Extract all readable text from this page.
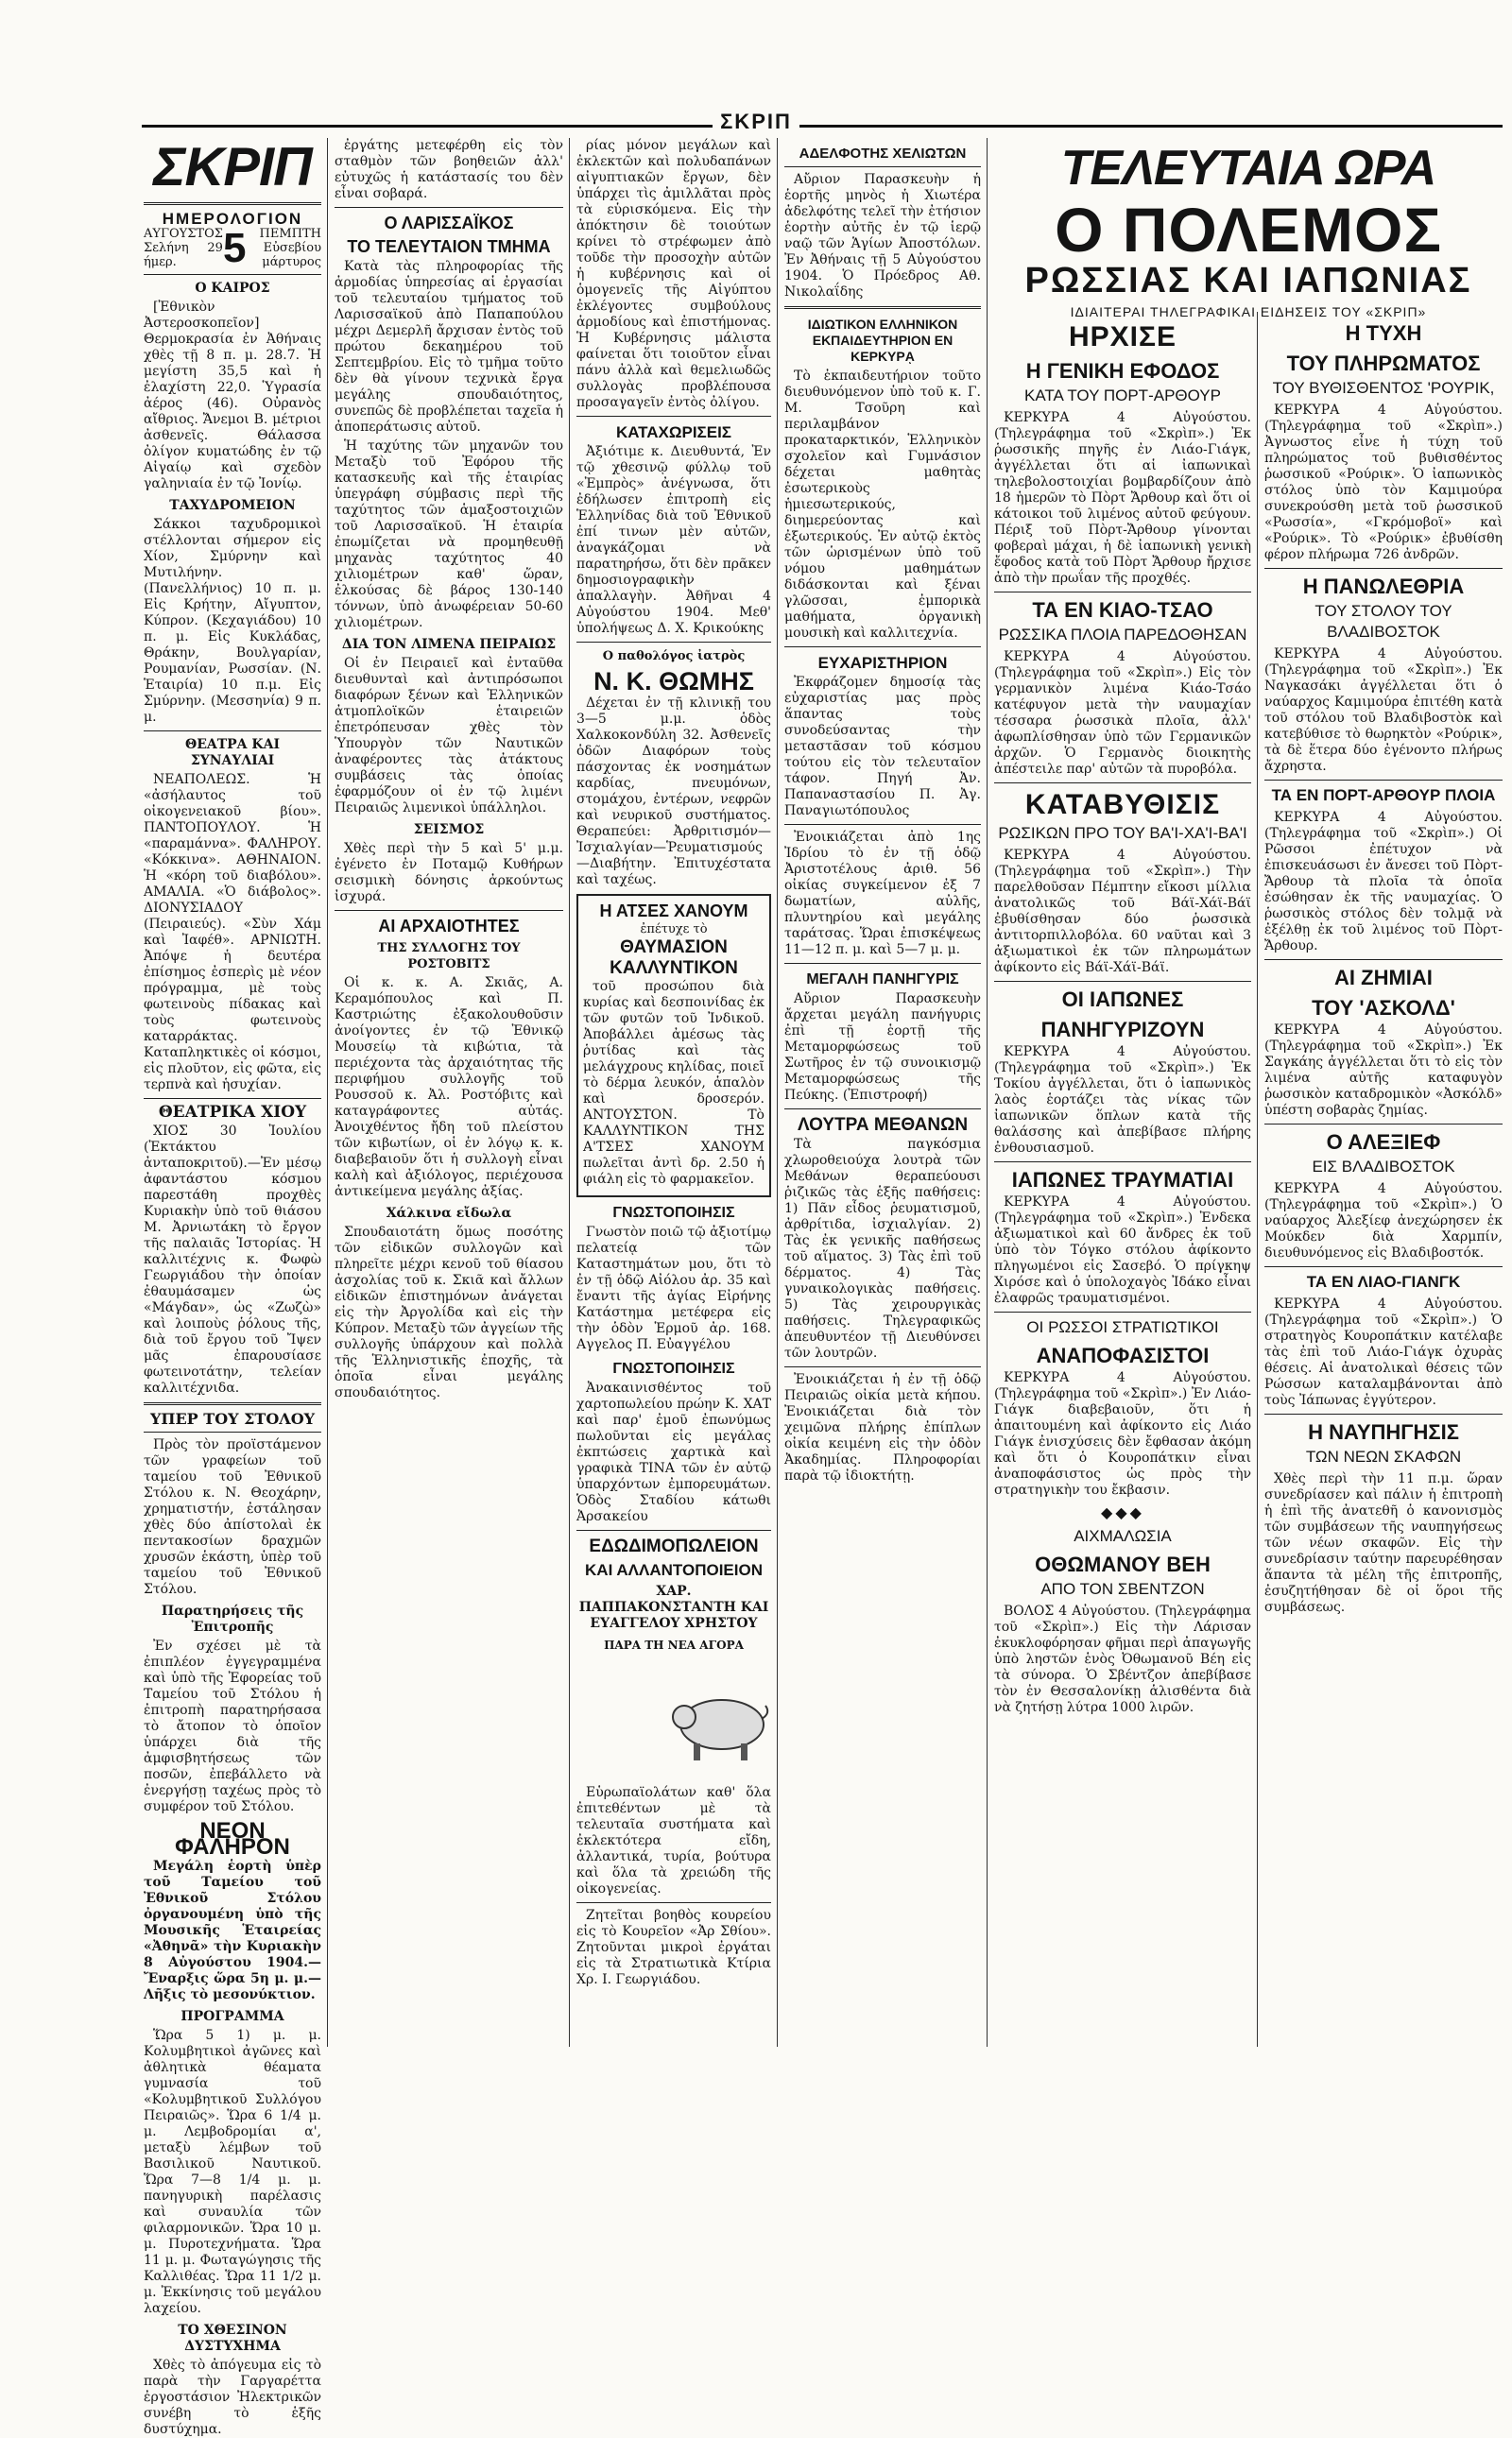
ΣΚΡΙΠ
ΣΚΡΙΠ
ΗΜΕΡΟΛΟΓΙΟΝ
ΑΥΓΟΥΣΤΟΣ
Σελήνη 29 ήμερ.	5	ΠΕΜΠΤΗ
Εὐσεβίου μάρτυρος
Ο ΚΑΙΡΟΣ

[Ἐθνικὸν Ἀστεροσκοπεῖον] Θερμοκρασία ἐν Ἀθήναις χθὲς τῇ 8 π. μ. 28.7. Ἡ μεγίστη 35,5 καὶ ἡ ἐλαχίστη 22,0. Ὑγρασία ἀέρος (46). Οὐρανὸς αἴθριος. Ἄνεμοι Β. μέτριοι ἀσθενεῖς. Θάλασσα ὀλίγον κυματώδης ἐν τῷ Αἰγαίῳ καὶ σχεδὸν γαληνιαία ἐν τῷ Ἰονίῳ.

ΤΑΧΥΔΡΟΜΕΙΟΝ

Σάκκοι ταχυδρομικοὶ στέλλονται σήμερον εἰς Χίον, Σμύρνην καὶ Μυτιλήνην. (Πανελλήνιος) 10 π. μ. Εἰς Κρήτην, Αἴγυπτον, Κύπρον. (Κεχαγιάδου) 10 π. μ. Εἰς Κυκλάδας, Θράκην, Βουλγαρίαν, Ρουμανίαν, Ρωσσίαν. (Ν. Ἑταιρία) 10 π.μ. Εἰς Σμύρνην. (Μεσσηνία) 9 π. μ.

ΘΕΑΤΡΑ ΚΑΙ ΣΥΝΑΥΛΙΑΙ

ΝΕΑΠΟΛΕΩΣ. Ἡ «ἀσήλαυτος τοῦ οἰκογενειακοῦ βίου». ΠΑΝΤΟΠΟΥΛΟΥ. Ἡ «παραμάννα». ΦΑΛΗΡΟΥ. «Κόκκινα». ΑΘΗΝΑΙΟΝ. Ἡ «κόρη τοῦ διαβόλου». ΑΜΑΛΙΑ. «Ὁ διάβολος». ΔΙΟΝΥΣΙΑΔΟΥ (Πειραιεύς). «Σὺν Χάμ καὶ Ἰαφέθ». ΑΡΝΙΩΤΗ. Ἀπόψε ἡ δευτέρα ἐπίσημος ἐσπερὶς μὲ νέον πρόγραμμα, μὲ τοὺς φωτεινοὺς πίδακας καὶ τοὺς φωτεινοὺς καταρράκτας. Καταπληκτικὲς οἱ κόσμοι, εἰς πλοῦτον, εἰς φῶτα, εἰς τερπνὰ καὶ ἡσυχίαν.

ΘΕΑΤΡΙΚΑ ΧΙΟΥ

ΧΙΟΣ 30 Ἰουλίου (Ἐκτάκτου ἀνταποκριτοῦ).—Ἐν μέσῳ ἀφαντάστου κόσμου παρεστάθη προχθὲς Κυριακὴν ὑπὸ τοῦ θιάσου Μ. Ἀρνιωτάκη τὸ ἔργον τῆς παλαιᾶς Ἱστορίας. Ἡ καλλιτέχνις κ. Φωφὼ Γεωργιάδου τὴν ὁποίαν ἐθαυμάσαμεν ὡς «Μάγδαν», ὡς «Ζωζὼ» καὶ λοιποὺς ῥόλους τῆς, διὰ τοῦ ἔργου τοῦ Ἴψεν μᾶς ἐπαρουσίασε φωτεινοτάτην, τελείαν καλλιτέχνιδα.

ΥΠΕΡ ΤΟΥ ΣΤΟΛΟΥ

Πρὸς τὸν προϊστάμενον τῶν γραφείων τοῦ ταμείου τοῦ Ἐθνικοῦ Στόλου κ. Ν. Θεοχάρην, χρηματιστήν, ἐστάλησαν χθὲς δύο ἀπίστολαὶ ἐκ πεντακοσίων δραχμῶν χρυσῶν ἑκάστη, ὑπὲρ τοῦ ταμείου τοῦ Ἐθνικοῦ Στόλου.

Παρατηρήσεις τῆς Ἐπιτροπῆς

Ἐν σχέσει μὲ τὰ ἐπιπλέον ἐγγεγραμμένα καὶ ὑπὸ τῆς Ἐφορείας τοῦ Ταμείου τοῦ Στόλου ἡ ἐπιτροπὴ παρατηρήσασα τὸ ἄτοπον τὸ ὁποῖον ὑπάρχει διὰ τῆς ἀμφισβητήσεως τῶν ποσῶν, ἐπεβάλλετο νὰ ἐνεργήσῃ ταχέως πρὸς τὸ συμφέρον τοῦ Στόλου.

ΝΕΟΝ ΦΑΛΗΡΟΝ

Μεγάλη ἑορτὴ ὑπὲρ τοῦ Ταμείου τοῦ Ἐθνικοῦ Στόλου ὀργανουμένη ὑπὸ τῆς Μουσικῆς Ἑταιρείας «Ἀθηνᾶ» τὴν Κυριακὴν 8 Αὐγούστου 1904.—Ἔναρξις ὥρα 5η μ. μ.—Λῆξις τὸ μεσονύκτιον.

ΠΡΟΓΡΑΜΜΑ

Ὥρα 5 1) μ. μ. Κολυμβητικοὶ ἀγῶνες καὶ ἀθλητικὰ θέαματα γυμνασία τοῦ «Κολυμβητικοῦ Συλλόγου Πειραιῶς». Ὥρα 6 1/4 μ. μ. Λεμβοδρομίαι α', μεταξὺ λέμβων τοῦ Βασιλικοῦ Ναυτικοῦ. Ὥρα 7—8 1/4 μ. μ. πανηγυρικὴ παρέλασις καὶ συναυλία τῶν φιλαρμονικῶν. Ὥρα 10 μ. μ. Πυροτεχνήματα. Ὥρα 11 μ. μ. Φωταγώγησις τῆς Καλλιθέας. Ὥρα 11 1/2 μ. μ. Ἐκκίνησις τοῦ μεγάλου λαχείου.

ΤΟ ΧΘΕΣΙΝΟΝ ΔΥΣΤΥΧΗΜΑ

Χθὲς τὸ ἀπόγευμα εἰς τὸ παρὰ τὴν Γαργαρέττα ἐργοστάσιον Ἠλεκτρικῶν συνέβη τὸ ἑξῆς δυστύχημα.

ἐργάτης μετεφέρθη εἰς τὸν σταθμὸν τῶν βοηθειῶν ἀλλ' εὐτυχῶς ἡ κατάστασίς του δὲν εἶναι σοβαρά.

Ο ΛΑΡΙΣΣΑΪΚΟΣ
ΤΟ ΤΕΛΕΥΤΑΙΟΝ ΤΜΗΜΑ

Κατὰ τὰς πληροφορίας τῆς ἁρμοδίας ὑπηρεσίας αἱ ἐργασίαι τοῦ τελευταίου τμήματος τοῦ Λαρισσαϊκοῦ ἀπὸ Παπαπούλου μέχρι Δεμερλῆ ἄρχισαν ἐντὸς τοῦ πρώτου δεκαημέρου τοῦ Σεπτεμβρίου. Εἰς τὸ τμῆμα τοῦτο δὲν θὰ γίνουν τεχνικὰ ἔργα μεγάλης σπουδαιότητος, συνεπῶς δὲ προβλέπεται ταχεῖα ἡ ἀποπεράτωσις αὐτοῦ.

Ἡ ταχύτης τῶν μηχανῶν του Μεταξὺ τοῦ Ἐφόρου τῆς κατασκευῆς καὶ τῆς ἑταιρίας ὑπεγράφη σύμβασις περὶ τῆς ταχύτητος τῶν ἁμαξοστοιχιῶν τοῦ Λαρισσαϊκοῦ. Ἡ ἑταιρία ἐπωμίζεται νὰ προμηθευθῇ μηχανὰς ταχύτητος 40 χιλιομέτρων καθ' ὥραν, ἐλκούσας δὲ βάρος 130-140 τόννων, ὑπὸ ἀνωφέρειαν 50-60 χιλιομέτρων.

ΔΙΑ ΤΟΝ ΛΙΜΕΝΑ ΠΕΙΡΑΙΩΣ

Οἱ ἐν Πειραιεῖ καὶ ἐνταῦθα διευθυνταὶ καὶ ἀντιπρόσωποι διαφόρων ξένων καὶ Ἑλληνικῶν ἀτμοπλοϊκῶν ἑταιρειῶν ἐπετρόπευσαν χθὲς τὸν Ὑπουργὸν τῶν Ναυτικῶν ἀναφέροντες τὰς ἀτάκτους συμβάσεις τὰς ὁποίας ἐφαρμόζουν οἱ ἐν τῷ λιμένι Πειραιῶς λιμενικοὶ ὑπάλληλοι.

ΣΕΙΣΜΟΣ

Χθὲς περὶ τὴν 5 καὶ 5' μ.μ. ἐγένετο ἐν Ποταμῷ Κυθήρων σεισμικὴ δόνησις ἀρκούντως ἰσχυρά.

ΑΙ ΑΡΧΑΙΟΤΗΤΕΣ
ΤΗΣ ΣΥΛΛΟΓΗΣ ΤΟΥ ΡΟΣΤΟΒΙΤΣ

Οἱ κ. κ. Α. Σκιᾶς, Α. Κεραμόπουλος καὶ Π. Καστριώτης ἐξακολουθοῦσιν ἀνοίγοντες ἐν τῷ Ἐθνικῷ Μουσείῳ τὰ κιβώτια, τὰ περιέχοντα τὰς ἀρχαιότητας τῆς περιφήμου συλλογῆς τοῦ Ρουσσοῦ κ. Ἀλ. Ροστόβιτς καὶ καταγράφοντες αὐτάς. Ἀνοιχθέντος ἤδη τοῦ πλείστου τῶν κιβωτίων, οἱ ἐν λόγῳ κ. κ. διαβεβαιοῦν ὅτι ἡ συλλογὴ εἶναι καλὴ καὶ ἀξιόλογος, περιέχουσα ἀντικείμενα μεγάλης ἀξίας.

Χάλκινα εἴδωλα

Σπουδαιοτάτη ὅμως ποσότης τῶν εἰδικῶν συλλογῶν καὶ πληρεῖτε μέχρι κενοῦ τοῦ θίασου ἀσχολίας τοῦ κ. Σκιᾶ καὶ ἄλλων εἰδικῶν ἐπιστημόνων ἀνάγεται εἰς τὴν Ἀργολίδα καὶ εἰς τὴν Κύπρον. Μεταξὺ τῶν ἀγγείων τῆς συλλογῆς ὑπάρχουν καὶ πολλὰ τῆς Ἑλληνιστικῆς ἐποχῆς, τὰ ὁποῖα εἶναι μεγάλης σπουδαιότητος.

ρίας μόνον μεγάλων καὶ ἐκλεκτῶν καὶ πολυδαπάνων αἰγυπτιακῶν ἔργων, δὲν ὑπάρχει τὶς ἀμιλλᾶται πρὸς τὰ εὑρισκόμενα. Εἰς τὴν ἀπόκτησιν δὲ τοιούτων κρίνει τὸ στρέφωμεν ἀπὸ τοῦδε τὴν προσοχὴν αὐτῶν ἡ κυβέρνησις καὶ οἱ ὁμογενεῖς τῆς Αἰγύπτου ἐκλέγοντες συμβούλους ἁρμοδίους καὶ ἐπιστήμονας. Ἡ Κυβέρνησις μάλιστα φαίνεται ὅτι τοιοῦτον εἶναι πάνυ ἀλλὰ καὶ θεμελιωδῶς συλλογὰς προβλέπουσα προσαγαγεῖν ἐντὸς ὀλίγου.

ΚΑΤΑΧΩΡΙΣΕΙΣ

Ἀξιότιμε κ. Διευθυντά, Ἐν τῷ χθεσινῷ φύλλῳ τοῦ «Ἐμπρὸς» ἀνέγνωσα, ὅτι ἐδήλωσεν ἐπιτροπὴ εἰς Ἑλληνίδας διὰ τοῦ Ἐθνικοῦ ἐπί τινων μὲν αὐτῶν, ἀναγκάζομαι νὰ παρατηρήσω, ὅτι δὲν πρᾶκεν δημοσιογραφικὴν ἀπαλλαγὴν. Ἀθῆναι 4 Αὐγούστου 1904. Μεθ' ὑπολήψεως Δ. Χ. Κρικούκης

Ο παθολόγος ἰατρὸς
Ν. Κ. ΘΩΜΗΣ

Δέχεται ἐν τῇ κλινικῇ του 3—5 μ.μ. ὁδὸς Χαλκοκονδύλη 32. Ἀσθενεῖς ὁδῶν Διαφόρων τοὺς πάσχοντας ἐκ νοσημάτων καρδίας, πνευμόνων, στομάχου, ἐντέρων, νεφρῶν καὶ νευρικοῦ συστήματος. Θεραπεύει: Ἀρθριτισμόν—Ἰσχιαλγίαν—Ῥευματισμούς—Διαβήτην. Ἐπιτυχέστατα καὶ ταχέως.

Η ΑΤΣΕΣ ΧΑΝΟΥΜ
ἐπέτυχε τὸ
ΘΑΥΜΑΣΙΟΝ ΚΑΛΛΥΝΤΙΚΟΝ

τοῦ προσώπου διὰ κυρίας καὶ δεσποινίδας ἐκ τῶν φυτῶν τοῦ Ἰνδικοῦ. Ἀποβάλλει ἀμέσως τὰς ῥυτίδας καὶ τὰς μελάγχρους κηλίδας, ποιεῖ τὸ δέρμα λευκόν, ἁπαλὸν καὶ δροσερόν. ΑΝΤΟΥΣΤΟΝ. Τὸ ΚΑΛΛΥΝΤΙΚΟΝ ΤΗΣ Α'ΤΣΕΣ ΧΑΝΟΥΜ πωλεῖται ἀντὶ δρ. 2.50 ἡ φιάλη εἰς τὸ φαρμακεῖον.

ΓΝΩΣΤΟΠΟΙΗΣΙΣ

Γνωστὸν ποιῶ τῷ ἀξιοτίμῳ πελατείᾳ τῶν Καταστημάτων μου, ὅτι τὸ ἐν τῇ ὁδῷ Αἰόλου ἀρ. 35 καὶ ἔναντι τῆς ἁγίας Εἰρήνης Κατάστημα μετέφερα εἰς τὴν ὁδὸν Ἑρμοῦ ἀρ. 168. Αγγελος Π. Εὐαγγέλου

ΓΝΩΣΤΟΠΟΙΗΣΙΣ

Ἀνακαινισθέντος τοῦ χαρτοπωλείου πρώην Κ. ΧΑΤ καὶ παρ' ἐμοῦ ἐπωνύμως πωλοῦνται εἰς μεγάλας ἐκπτώσεις χαρτικὰ καὶ γραφικὰ ΤΙΝΑ τῶν ἐν αὐτῷ ὑπαρχόντων ἐμπορευμάτων. Ὁδὸς Σταδίου κάτωθι Ἀρσακείου

ΕΔΩΔΙΜΟΠΩΛΕΙΟΝ
ΚΑΙ ΑΛΛΑΝΤΟΠΟΙΕΙΟΝ
ΧΑΡ. ΠΑΠΠΑΚΟΝΣΤΑΝΤΗ ΚΑΙ ΕΥΑΓΓΕΛΟΥ ΧΡΗΣΤΟΥ
ΠΑΡΑ ΤΗ ΝΕΑ ΑΓΟΡΑ

Εὑρωπαϊολάτων καθ' ὅλα ἐπιτεθέντων μὲ τὰ τελευταῖα συστήματα καὶ ἐκλεκτότερα εἴδη, ἀλλαντικά, τυρία, βούτυρα καὶ ὅλα τὰ χρειώδη τῆς οἰκογενείας.

Ζητεῖται βοηθὸς κουρείου εἰς τὸ Κουρεῖον «Ἀρ Σθίου». Ζητοῦνται μικροὶ ἐργάται εἰς τὰ Στρατιωτικὰ Κτίρια Χρ. Ι. Γεωργιάδου.

ΑΔΕΛΦΟΤΗΣ ΧΕΛΙΩΤΩΝ

Αὔριον Παρασκευὴν ἡ ἑορτῆς μηνὸς ἡ Χιωτέρα ἀδελφότης τελεῖ τὴν ἐτήσιον ἑορτὴν αὐτῆς ἐν τῷ ἱερῷ ναῷ τῶν Ἁγίων Ἀποστόλων. Ἐν Ἀθήναις τῇ 5 Αὐγούστου 1904. Ὁ Πρόεδρος Αθ. Νικολαΐδης

ΙΔΙΩΤΙΚΟΝ ΕΛΛΗΝΙΚΟΝ ΕΚΠΑΙΔΕΥΤΗΡΙΟΝ ΕΝ ΚΕΡΚΥΡᾼ

Τὸ ἐκπαιδευτήριον τοῦτο διευθυνόμενον ὑπὸ τοῦ κ. Γ. Μ. Τσοῦρη καὶ περιλαμβάνον προκαταρκτικόν, Ἑλληνικὸν σχολεῖον καὶ Γυμνάσιον δέχεται μαθητὰς ἐσωτερικοὺς ἡμιεσωτερικούς, διημερεύοντας καὶ ἐξωτερικούς. Ἐν αὐτῷ ἐκτὸς τῶν ὡρισμένων ὑπὸ τοῦ νόμου μαθημάτων διδάσκονται καὶ ξέναι γλῶσσαι, ἐμπορικὰ μαθήματα, ὀργανικὴ μουσικὴ καὶ καλλιτεχνία.

ΕΥΧΑΡΙΣΤΗΡΙΟΝ

Ἐκφράζομεν δημοσίᾳ τὰς εὐχαριστίας μας πρὸς ἅπαντας τοὺς συνοδεύσαντας τὴν μεταστᾶσαν τοῦ κόσμου τούτου εἰς τὸν τελευταῖον τάφον. Πηγή Ἀν. Παπαναστασίου Π. Ἀγ. Παναγιωτόπουλος

Ἐνοικιάζεται ἀπὸ 1ης Ἰδρίου τὸ ἐν τῇ ὁδῷ Ἀριστοτέλους ἀριθ. 56 οἰκίας συγκείμενον ἐξ 7 δωματίων, αὐλῆς, πλυντηρίου καὶ μεγάλης ταράτσας. Ὥραι ἐπισκέψεως 11—12 π. μ. καὶ 5—7 μ. μ.

ΜΕΓΑΛΗ ΠΑΝΗΓΥΡΙΣ

Αὔριον Παρασκευὴν ἄρχεται μεγάλη πανήγυρις ἐπὶ τῇ ἑορτῇ τῆς Μεταμορφώσεως τοῦ Σωτῆρος ἐν τῷ συνοικισμῷ Μεταμορφώσεως τῆς Πεύκης. (Ἐπιστροφή)

ΛΟΥΤΡΑ ΜΕΘΑΝΩΝ

Τὰ παγκόσμια χλωροθειούχα λουτρὰ τῶν Μεθάνων θεραπεύουσι ῥιζικῶς τὰς ἑξῆς παθήσεις: 1) Πᾶν εἶδος ῥευματισμοῦ, ἀρθρίτιδα, ἰσχιαλγίαν. 2) Τὰς ἐκ γενικῆς παθήσεως τοῦ αἵματος. 3) Τὰς ἐπὶ τοῦ δέρματος. 4) Τὰς γυναικολογικὰς παθήσεις. 5) Τὰς χειρουργικὰς παθήσεις. Τηλεγραφικῶς ἀπευθυντέον τῇ Διευθύνσει τῶν λουτρῶν.

Ἐνοικιάζεται ἡ ἐν τῇ ὁδῷ Πειραιῶς οἰκία μετὰ κήπου. Ἐνοικιάζεται διὰ τὸν χειμῶνα πλήρης ἐπίπλων οἰκία κειμένη εἰς τὴν ὁδὸν Ἀκαδημίας. Πληροφορίαι παρὰ τῷ ἰδιοκτήτῃ.

ΤΕΛΕΥΤΑΙΑ ΩΡΑ
Ο ΠΟΛΕΜΟΣ
ΡΩΣΣΙΑΣ ΚΑΙ ΙΑΠΩΝΙΑΣ
ΙΔΙΑΙΤΕΡΑΙ ΤΗΛΕΓΡΑΦΙΚΑΙ ΕΙΔΗΣΕΙΣ ΤΟΥ «ΣΚΡΙΠ»
ΗΡΧΙΣΕ
Η ΓΕΝΙΚΗ ΕΦΟΔΟΣ
ΚΑΤΑ ΤΟΥ ΠΟΡΤ-ΑΡΘΟΥΡ

ΚΕΡΚΥΡΑ 4 Αὐγούστου. (Τηλεγράφημα τοῦ «Σκρὶπ».) Ἐκ ῥωσσικῆς πηγῆς ἐν Λιάο-Γιάγκ, ἀγγέλλεται ὅτι αἱ ἰαπωνικαὶ τηλεβολοστοιχίαι βομβαρδίζουν ἀπὸ 18 ἡμερῶν τὸ Πὸρτ Ἄρθουρ καὶ ὅτι οἱ κάτοικοι τοῦ λιμένος αὐτοῦ φεύγουν. Πέριξ τοῦ Πὸρτ-Ἄρθουρ γίνονται φοβεραὶ μάχαι, ἡ δὲ ἰαπωνικὴ γενικὴ ἔφοδος κατὰ τοῦ Πὸρτ Ἄρθουρ ἤρχισε ἀπὸ τὴν πρωΐαν τῆς προχθές.

ΤΑ ΕΝ ΚΙΑΟ-ΤΣΑΟ
ΡΩΣΣΙΚΑ ΠΛΟΙΑ ΠΑΡΕΔΟΘΗΣΑΝ

ΚΕΡΚΥΡΑ 4 Αὐγούστου. (Τηλεγράφημα τοῦ «Σκρὶπ».) Εἰς τὸν γερμανικὸν λιμένα Κιάο-Τσάο κατέφυγον μετὰ τὴν ναυμαχίαν τέσσαρα ῥωσσικὰ πλοῖα, ἀλλ' ἀφωπλίσθησαν ὑπὸ τῶν Γερμανικῶν ἀρχῶν. Ὁ Γερμανὸς διοικητὴς ἀπέστειλε παρ' αὐτῶν τὰ πυροβόλα.

ΚΑΤΑΒΥΘΙΣΙΣ
ΡΩΣΙΚΩΝ ΠΡΟ ΤΟΥ ΒΑ'Ι-ΧΑ'Ι-ΒΑ'Ι

ΚΕΡΚΥΡΑ 4 Αὐγούστου. (Τηλεγράφημα τοῦ «Σκρὶπ».) Τὴν παρελθοῦσαν Πέμπτην εἴκοσι μίλλια ἀνατολικῶς τοῦ Βάϊ-Χάϊ-Βάϊ ἐβυθίσθησαν δύο ῥωσσικὰ ἀντιτορπιλλοβόλα. 60 ναῦται καὶ 3 ἀξιωματικοὶ ἐκ τῶν πληρωμάτων ἀφίκοντο εἰς Βάϊ-Χάϊ-Βάϊ.

ΟΙ ΙΑΠΩΝΕΣ
ΠΑΝΗΓΥΡΙΖΟΥΝ

ΚΕΡΚΥΡΑ 4 Αὐγούστου. (Τηλεγράφημα τοῦ «Σκρὶπ».) Ἐκ Τοκίου ἀγγέλλεται, ὅτι ὁ ἰαπωνικὸς λαὸς ἑορτάζει τὰς νίκας τῶν ἰαπωνικῶν ὅπλων κατὰ τῆς θαλάσσης καὶ ἀπεβίβασε πλήρης ἐνθουσιασμοῦ.

ΙΑΠΩΝΕΣ ΤΡΑΥΜΑΤΙΑΙ

ΚΕΡΚΥΡΑ 4 Αὐγούστου. (Τηλεγράφημα τοῦ «Σκρὶπ».) Ἐνδεκα ἀξιωματικοὶ καὶ 60 ἄνδρες ἐκ τοῦ ὑπὸ τὸν Τόγκο στόλου ἀφίκοντο πληγωμένοι εἰς Σασεβό. Ὁ πρίγκηψ Χιρόσε καὶ ὁ ὑπολοχαγὸς Ἰδάκο εἶναι ἐλαφρῶς τραυματισμένοι.

ΟΙ ΡΩΣΣΟΙ ΣΤΡΑΤΙΩΤΙΚΟΙ
ΑΝΑΠΟΦΑΣΙΣΤΟΙ

ΚΕΡΚΥΡΑ 4 Αὐγούστου. (Τηλεγράφημα τοῦ «Σκρὶπ».) Ἐν Λιάο-Γιάγκ διαβεβαιοῦν, ὅτι ἡ ἀπαιτουμένη καὶ ἀφίκοντο εἰς Λιάο Γιάγκ ἐνισχύσεις δὲν ἔφθασαν ἀκόμη καὶ ὅτι ὁ Κουροπάτκιν εἶναι ἀναποφάσιστος ὡς πρὸς τὴν στρατηγικὴν του ἔκβασιν.

◆◆◆
ΑΙΧΜΑΛΩΣΙΑ
ΟΘΩΜΑΝΟΥ ΒΕΗ
ΑΠΟ ΤΟΝ ΣΒΕΝΤΖΟΝ

ΒΟΛΟΣ 4 Αὐγούστου. (Τηλεγράφημα τοῦ «Σκρὶπ».) Εἰς τὴν Λάρισαν ἐκυκλοφόρησαν φῆμαι περὶ ἀπαγωγῆς ὑπὸ ληστῶν ἑνὸς Ὀθωμανοῦ Βέη εἰς τὰ σύνορα. Ὁ Σβέντζον ἀπεβίβασε τὸν ἐν Θεσσαλονίκῃ ἁλισθέντα διὰ νὰ ζητήσῃ λύτρα 1000 λιρῶν.

Η ΤΥΧΗ
ΤΟΥ ΠΛΗΡΩΜΑΤΟΣ
ΤΟΥ ΒΥΘΙΣΘΕΝΤΟΣ 'ΡΟΥΡΙΚ,

ΚΕΡΚΥΡΑ 4 Αὐγούστου. (Τηλεγράφημα τοῦ «Σκρὶπ».) Ἀγνωστος εἶνε ἡ τύχη τοῦ πληρώματος τοῦ βυθισθέντος ῥωσσικοῦ «Ρούρικ». Ὁ ἰαπωνικὸς στόλος ὑπὸ τὸν Καμιμούρα συνεκρούσθη μετὰ τοῦ ῥωσσικοῦ «Ρωσσία», «Γκρόμοβοϊ» καὶ «Ρούρικ». Τὸ «Ρούρικ» ἐβυθίσθη φέρον πλήρωμα 726 ἀνδρῶν.

Η ΠΑΝΩΛΕΘΡΙΑ
ΤΟΥ ΣΤΟΛΟΥ ΤΟΥ ΒΛΑΔΙΒΟΣΤΟΚ

ΚΕΡΚΥΡΑ 4 Αὐγούστου. (Τηλεγράφημα τοῦ «Σκρὶπ».) Ἐκ Ναγκασάκι ἀγγέλλεται ὅτι ὁ ναύαρχος Καμιμούρα ἐπιτέθη κατὰ τοῦ στόλου τοῦ Βλαδιβοστὸκ καὶ κατεβύθισε τὸ θωρηκτὸν «Ρούρικ», τὰ δὲ ἕτερα δύο ἐγένοντο πλήρως ἄχρηστα.

ΤΑ ΕΝ ΠΟΡΤ-ΑΡΘΟΥΡ ΠΛΟΙΑ

ΚΕΡΚΥΡΑ 4 Αὐγούστου. (Τηλεγράφημα τοῦ «Σκρὶπ».) Οἱ Ρῶσσοι ἐπέτυχον νὰ ἐπισκευάσωσι ἐν ἄνεσει τοῦ Πὸρτ-Ἄρθουρ τὰ πλοῖα τὰ ὁποῖα ἐσώθησαν ἐκ τῆς ναυμαχίας. Ὁ ῥωσσικὸς στόλος δὲν τολμᾷ νὰ ἐξέλθῃ ἐκ τοῦ λιμένος τοῦ Πὸρτ-Ἄρθουρ.

ΑΙ ΖΗΜΙΑΙ
ΤΟΥ 'ΑΣΚΟΛΔ'

ΚΕΡΚΥΡΑ 4 Αὐγούστου. (Τηλεγράφημα τοῦ «Σκρὶπ».) Ἐκ Σαγκάης ἀγγέλλεται ὅτι τὸ εἰς τὸν λιμένα αὐτῆς καταφυγὸν ῥωσσικὸν καταδρομικὸν «Ἀσκόλδ» ὑπέστη σοβαρὰς ζημίας.

Ο ΑΛΕΞΙΕΦ
ΕΙΣ ΒΛΑΔΙΒΟΣΤΟΚ

ΚΕΡΚΥΡΑ 4 Αὐγούστου. (Τηλεγράφημα τοῦ «Σκρὶπ».) Ὁ ναύαρχος Ἀλεξίεφ ἀνεχώρησεν ἐκ Μούκδεν διὰ Χαρμπίν, διευθυνόμενος εἰς Βλαδιβοστόκ.

ΤΑ ΕΝ ΛΙΑΟ-ΓΙΑΝΓΚ

ΚΕΡΚΥΡΑ 4 Αὐγούστου. (Τηλεγράφημα τοῦ «Σκρὶπ».) Ὁ στρατηγὸς Κουροπάτκιν κατέλαβε τὰς ἐπὶ τοῦ Λιάο-Γιάγκ ὀχυρὰς θέσεις. Αἱ ἀνατολικαὶ θέσεις τῶν Ρώσσων καταλαμβάνονται ἀπὸ τοὺς Ἰάπωνας ἐγγύτερον.

Η ΝΑΥΠΗΓΗΣΙΣ
ΤΩΝ ΝΕΩΝ ΣΚΑΦΩΝ

Χθὲς περὶ τὴν 11 π.μ. ὥραν συνεδρίασεν καὶ πάλιν ἡ ἐπιτροπὴ ἡ ἐπὶ τῆς ἀνατεθῆ ὁ κανονισμὸς τῶν συμβάσεων τῆς ναυπηγήσεως τῶν νέων σκαφῶν. Εἰς τὴν συνεδρίασιν ταύτην παρευρέθησαν ἅπαντα τὰ μέλη τῆς ἐπιτροπῆς, ἐσυζητήθησαν δὲ οἱ ὅροι τῆς συμβάσεως.
